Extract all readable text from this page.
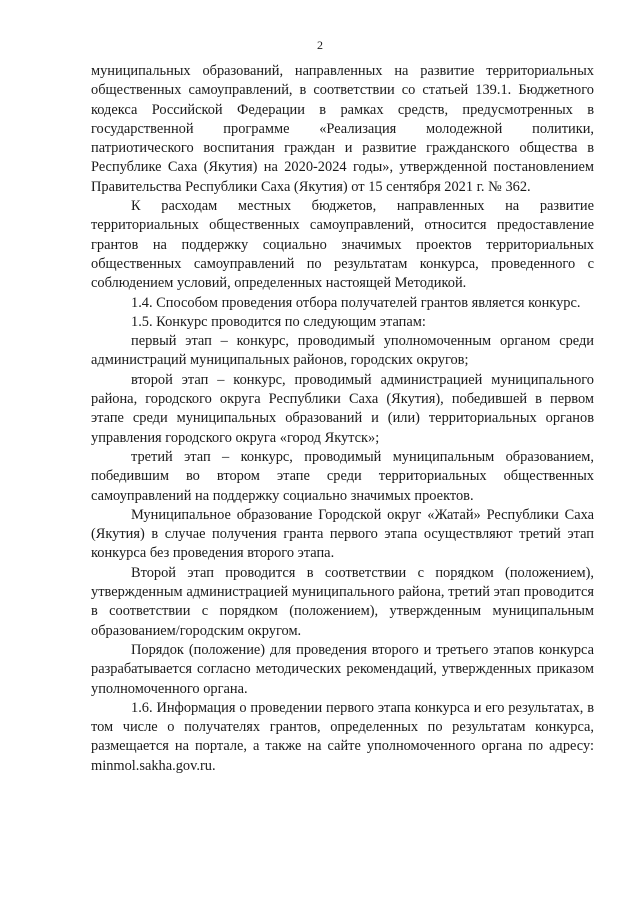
2

муниципальных образований, направленных на развитие территориальных общественных самоуправлений, в соответствии со статьей 139.1. Бюджетного кодекса Российской Федерации в рамках средств, предусмотренных в государственной программе «Реализация молодежной политики, патриотического воспитания граждан и развитие гражданского общества в Республике Саха (Якутия) на 2020-2024 годы», утвержденной постановлением Правительства Республики Саха (Якутия) от 15 сентября 2021 г. № 362.

К расходам местных бюджетов, направленных на развитие территориальных общественных самоуправлений, относится предоставление грантов на поддержку социально значимых проектов территориальных общественных самоуправлений по результатам конкурса, проведенного с соблюдением условий, определенных настоящей Методикой.

1.4. Способом проведения отбора получателей грантов является конкурс.

1.5. Конкурс проводится по следующим этапам:

первый этап – конкурс, проводимый уполномоченным органом среди администраций муниципальных районов, городских округов;

второй этап – конкурс, проводимый администрацией муниципального района, городского округа Республики Саха (Якутия), победившей в первом этапе среди муниципальных образований и (или) территориальных органов управления городского округа «город Якутск»;

третий этап – конкурс, проводимый муниципальным образованием, победившим во втором этапе среди территориальных общественных самоуправлений на поддержку социально значимых проектов.

Муниципальное образование Городской округ «Жатай» Республики Саха (Якутия) в случае получения гранта первого этапа осуществляют третий этап конкурса без проведения второго этапа.

Второй этап проводится в соответствии с порядком (положением), утвержденным администрацией муниципального района, третий этап проводится в соответствии с порядком (положением), утвержденным муниципальным образованием/городским округом.

Порядок (положение) для проведения второго и третьего этапов конкурса разрабатывается согласно методических рекомендаций, утвержденных приказом уполномоченного органа.

1.6. Информация о проведении первого этапа конкурса и его результатах, в том числе о получателях грантов, определенных по результатам конкурса, размещается на портале, а также на сайте уполномоченного органа по адресу: minmol.sakha.gov.ru.
